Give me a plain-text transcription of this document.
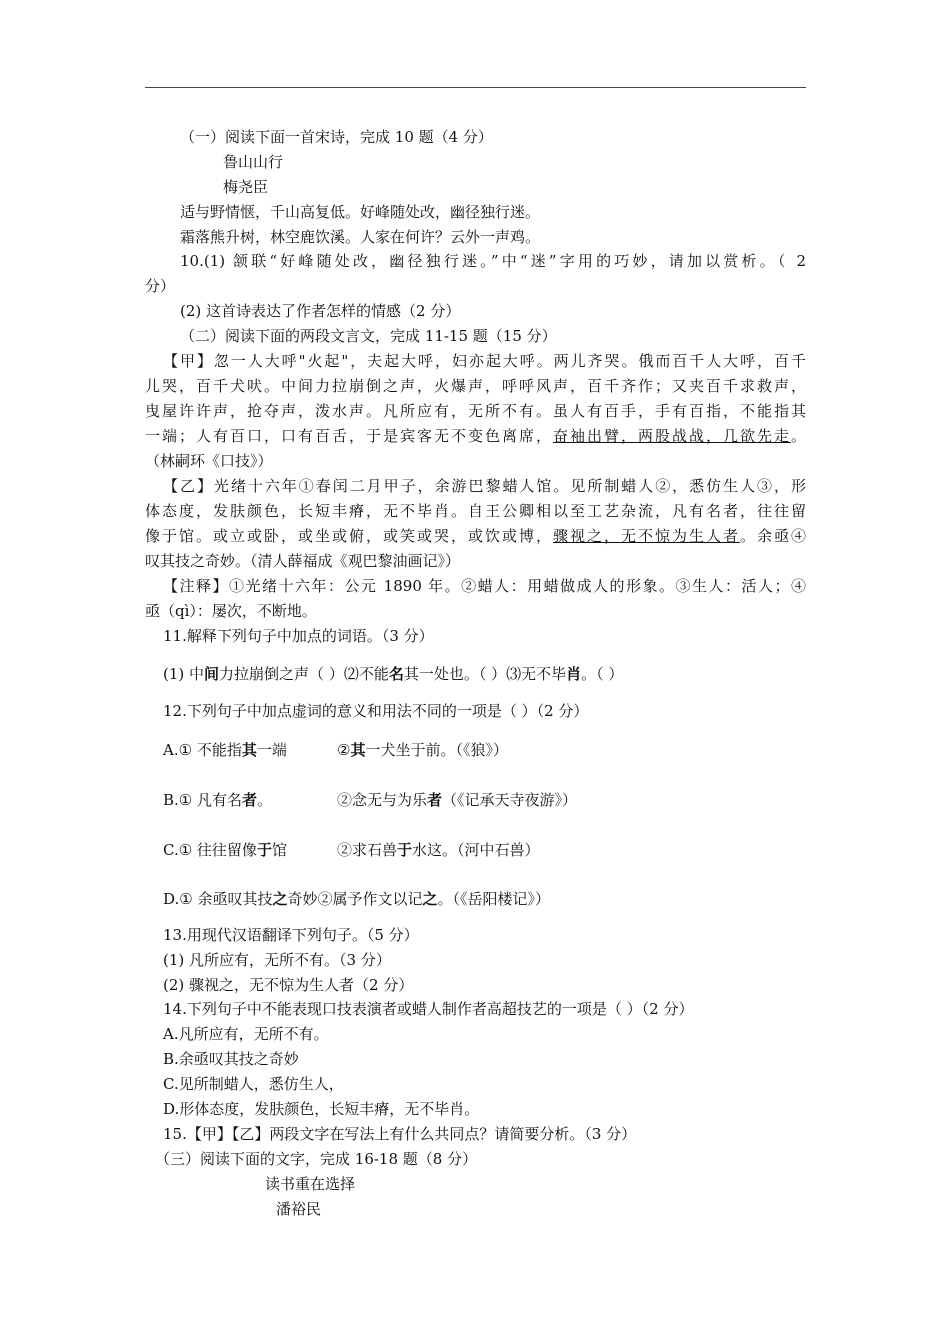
（一）阅读下面一首宋诗，完成 10 题（4 分）
鲁山山行
梅尧臣
适与野情惬，千山高复低。好峰随处改，幽径独行迷。
霜落熊升树，林空鹿饮溪。人家在何许？云外一声鸡。
10.(1) 颔联“好峰随处改，幽径独行迷。”中“迷”字用的巧妙，请加以赏析。（ 2
分）
(2) 这首诗表达了作者怎样的情感（2 分）
（二）阅读下面的两段文言文，完成 11-15 题（15 分）
【甲】忽一人大呼"火起"，夫起大呼，妇亦起大呼。两儿齐哭。俄而百千人大呼，百千
儿哭，百千犬吠。中间力拉崩倒之声，火爆声，呼呼风声，百千齐作；又夹百千求救声，
曳屋许许声，抢夺声，泼水声。凡所应有，无所不有。虽人有百手，手有百指，不能指其
一端；人有百口，口有百舌，于是宾客无不变色离席，奋袖出臂，两股战战，几欲先走。
（林嗣环《口技》）
【乙】光绪十六年①春闰二月甲子，余游巴黎蜡人馆。见所制蜡人②，悉仿生人③，形
体态度，发肤颜色，长短丰瘠，无不毕肖。自王公卿相以至工艺杂流，凡有名者，往往留
像于馆。或立或卧，或坐或俯，或笑或哭，或饮或博，骤视之，无不惊为生人者。余亟④
叹其技之奇妙。（清人薛福成《观巴黎油画记》）
【注释】①光绪十六年：公元 1890 年。②蜡人：用蜡做成人的形象。③生人：活人；④
亟（qì）：屡次，不断地。
11.解释下列句子中加点的词语。（3 分）
(1) 中间力拉崩倒之声（ ）⑵不能名其一处也。（ ）⑶无不毕肖。（ ）
12.下列句子中加点虚词的意义和用法不同的一项是（ ）（2 分）
A.① 不能指其一端	②其一犬坐于前。（《狼》）
B.① 凡有名者。	②念无与为乐者（《记承天寺夜游》）
C.① 往往留像于馆	②求石兽于水这。（河中石兽）
D.① 余亟叹其技之奇妙②属予作文以记之。（《岳阳楼记》）
13.用现代汉语翻译下列句子。（5 分）
(1) 凡所应有，无所不有。（3 分）
(2) 骤视之，无不惊为生人者（2 分）
14.下列句子中不能表现口技表演者或蜡人制作者高超技艺的一项是（ ）（2 分）
A.凡所应有，无所不有。
B.余亟叹其技之奇妙
C.见所制蜡人，悉仿生人，
D.形体态度，发肤颜色，长短丰瘠，无不毕肖。
15.【甲】【乙】两段文字在写法上有什么共同点？请简要分析。（3 分）
（三）阅读下面的文字，完成 16-18 题（8 分）
读书重在选择
潘裕民
